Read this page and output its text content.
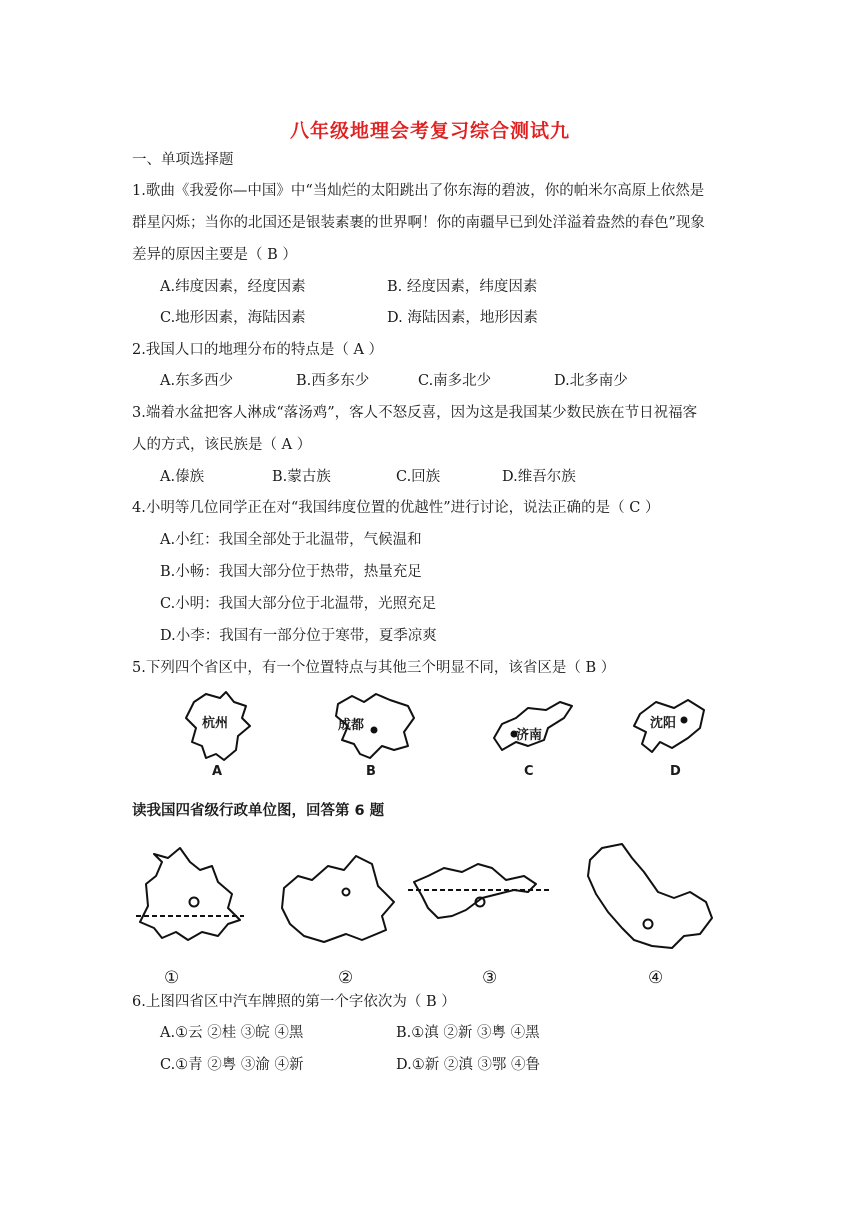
八年级地理会考复习综合测试九
一、单项选择题
1.歌曲《我爱你—中国》中“当灿烂的太阳跳出了你东海的碧波，你的帕米尔高原上依然是
群星闪烁；当你的北国还是银装素裹的世界啊！你的南疆早已到处洋溢着盎然的春色”现象
差异的原因主要是（ B ）
A.纬度因素，经度因素	B. 经度因素，纬度因素
C.地形因素，海陆因素	D. 海陆因素，地形因素
2.我国人口的地理分布的特点是（ A ）
A.东多西少	B.西多东少	C.南多北少	D.北多南少
3.端着水盆把客人淋成“落汤鸡”，客人不怒反喜，因为这是我国某少数民族在节日祝福客
人的方式，该民族是（ A ）
A.傣族	B.蒙古族	C.回族	D.维吾尔族
4.小明等几位同学正在对“我国纬度位置的优越性”进行讨论，说法正确的是（ C ）
A.小红：我国全部处于北温带，气候温和
B.小畅：我国大部分位于热带，热量充足
C.小明：我国大部分位于北温带，光照充足
D.小李：我国有一部分位于寒带，夏季凉爽
5.下列四个省区中，有一个位置特点与其他三个明显不同，该省区是（ B ）
杭州
A
成都
B
济南
C
沈阳
D
读我国四省级行政单位图，回答第 6 题
①	②	③	④
6.上图四省区中汽车牌照的第一个字依次为（ B ）
A.①云 ②桂 ③皖 ④黑	B.①滇 ②新 ③粤 ④黑
C.①青 ②粤 ③渝 ④新	D.①新 ②滇 ③鄂 ④鲁
